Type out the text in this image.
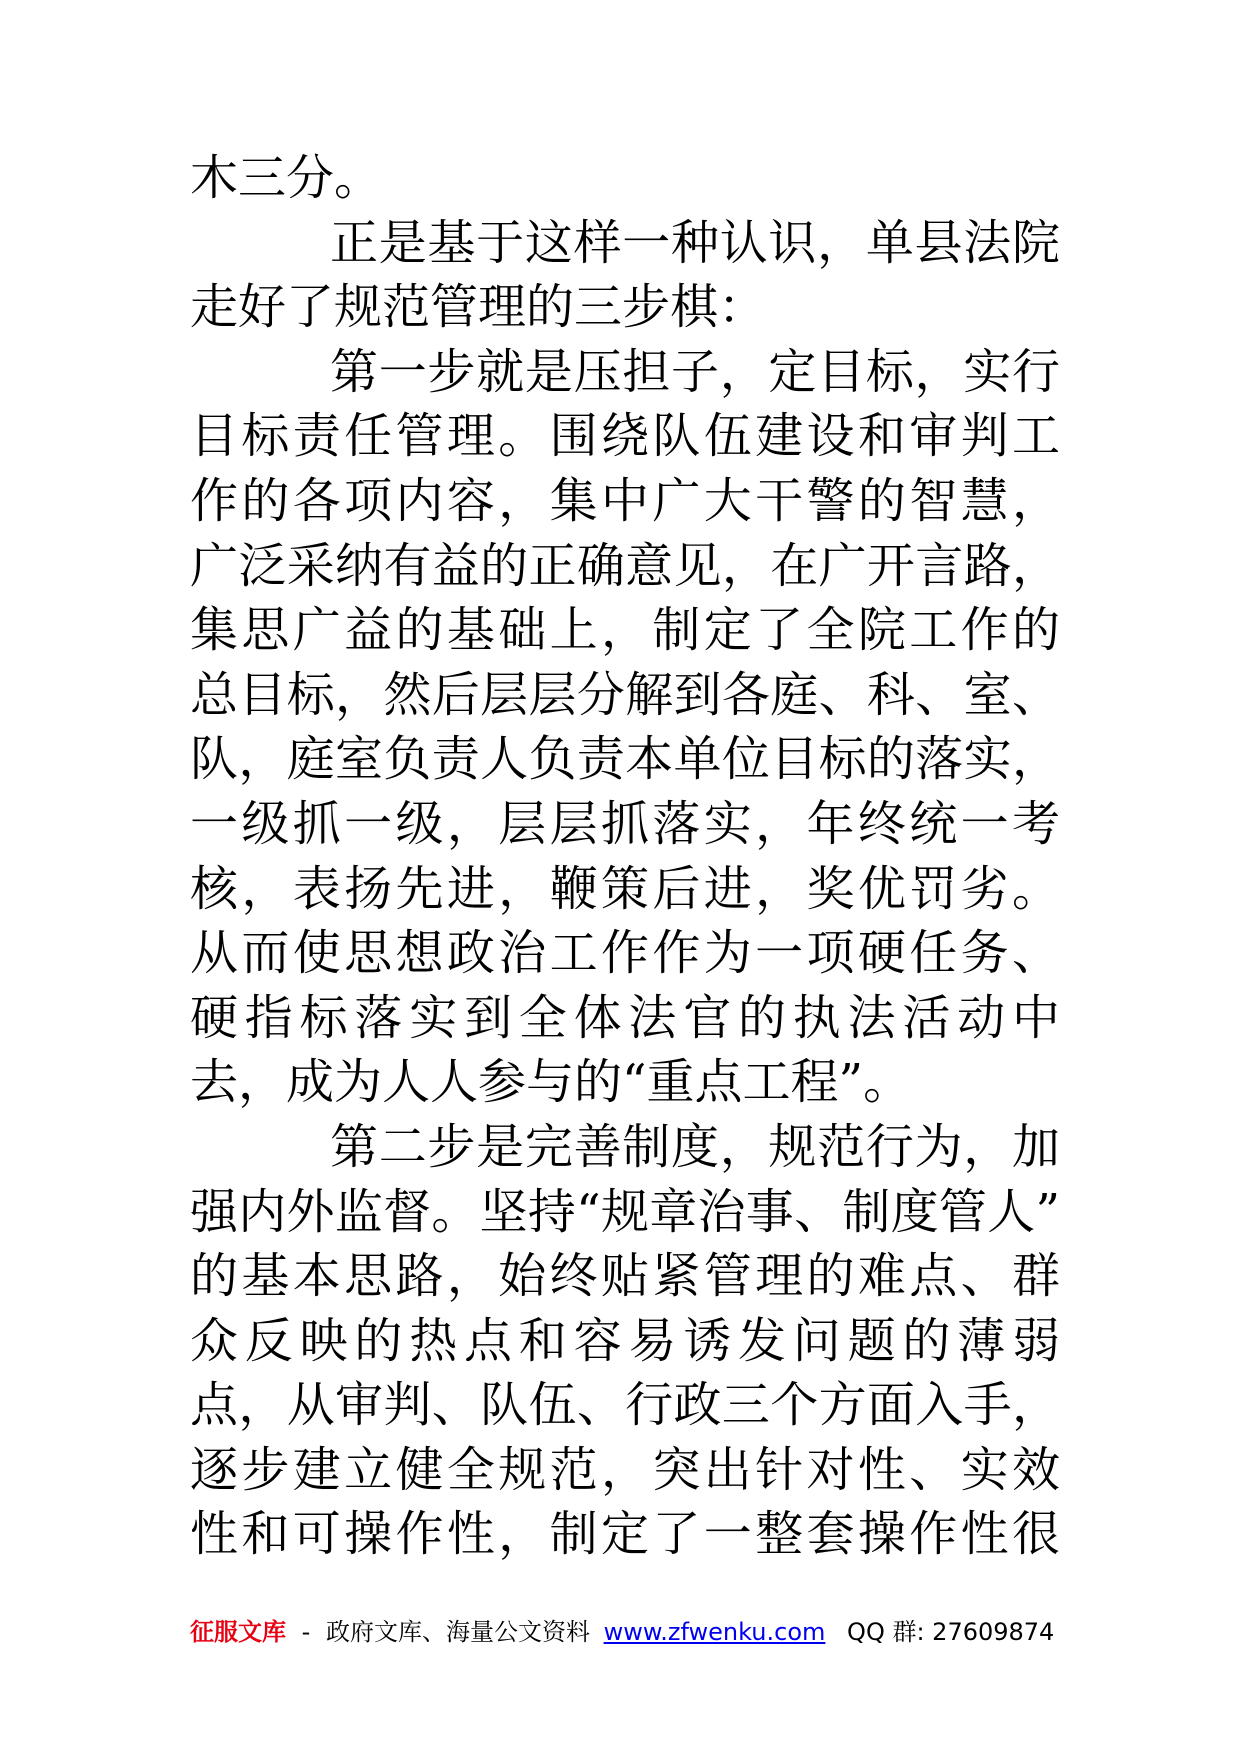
木三分。
正是基于这样一种认识，单县法院
走好了规范管理的三步棋：
第一步就是压担子，定目标，实行
目标责任管理。围绕队伍建设和审判工
作的各项内容，集中广大干警的智慧，
广泛采纳有益的正确意见，在广开言路，
集思广益的基础上，制定了全院工作的
总目标，然后层层分解到各庭、科、室、
队，庭室负责人负责本单位目标的落实，
一级抓一级，层层抓落实，年终统一考
核，表扬先进，鞭策后进，奖优罚劣。
从而使思想政治工作作为一项硬任务、
硬指标落实到全体法官的执法活动中
去，成为人人参与的“重点工程”。
第二步是完善制度，规范行为，加
强内外监督。坚持“规章治事、制度管人”
的基本思路，始终贴紧管理的难点、群
众反映的热点和容易诱发问题的薄弱
点，从审判、队伍、行政三个方面入手，
逐步建立健全规范，突出针对性、实效
性和可操作性，制定了一整套操作性很
征服文库 - 政府文库、海量公文资料 www.zfwenku.com QQ 群: 27609874
